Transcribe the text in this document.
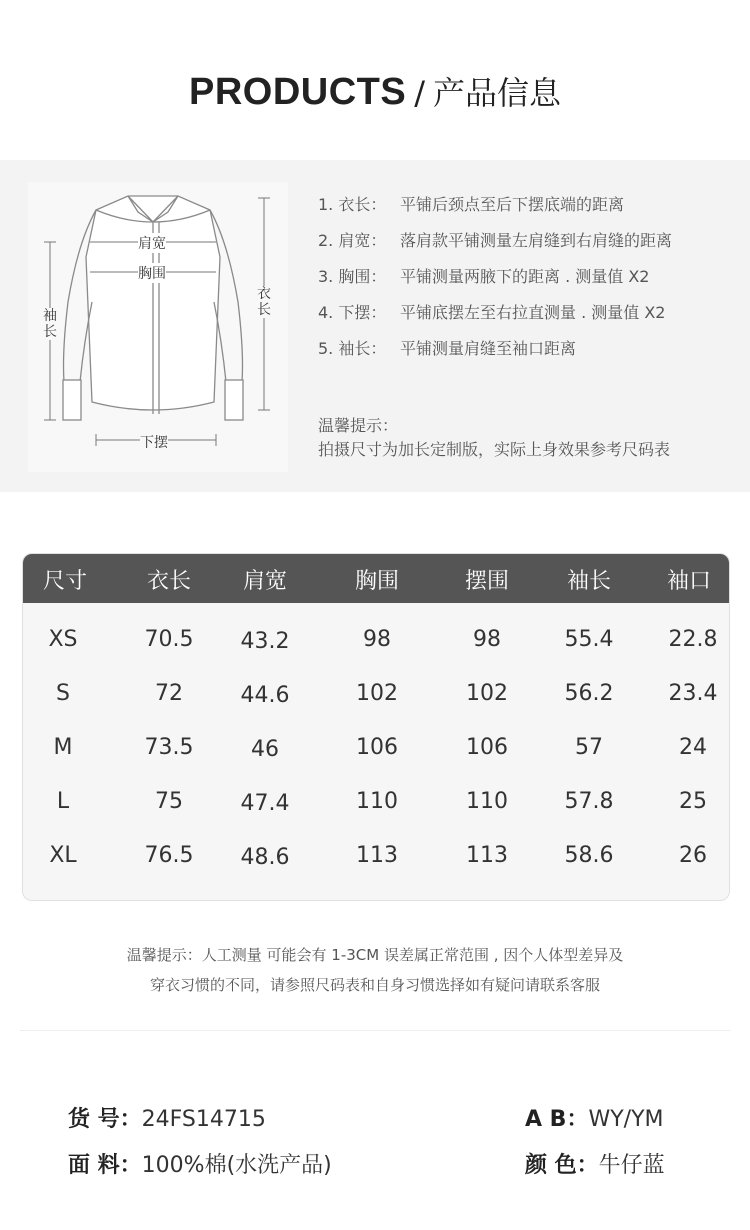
PRODUCTS / 产品信息
肩宽
胸围
下摆
袖长
衣长
1. 衣长： 平铺后颈点至后下摆底端的距离
2. 肩宽： 落肩款平铺测量左肩缝到右肩缝的距离
3. 胸围： 平铺测量两腋下的距离 . 测量值 X2
4. 下摆： 平铺底摆左至右拉直测量 . 测量值 X2
5. 袖长： 平铺测量肩缝至袖口距离
温馨提示：
拍摄尺寸为加长定制版，实际上身效果参考尺码表
尺寸	衣长	肩宽	胸围	摆围	袖长	袖口
XS	70.5	43.2	98	98	55.4	22.8
S	72	44.6	102	102	56.2	23.4
M	73.5	46	106	106	57	24
L	75	47.4	110	110	57.8	25
XL	76.5	48.6	113	113	58.6	26
温馨提示：人工测量 可能会有 1-3CM 误差属正常范围 , 因个人体型差异及
穿衣习惯的不同，请参照尺码表和自身习惯选择如有疑问请联系客服
货 号：24FS14715	A B：WY/YM
面 料：100%棉(水洗产品)	颜 色：牛仔蓝
